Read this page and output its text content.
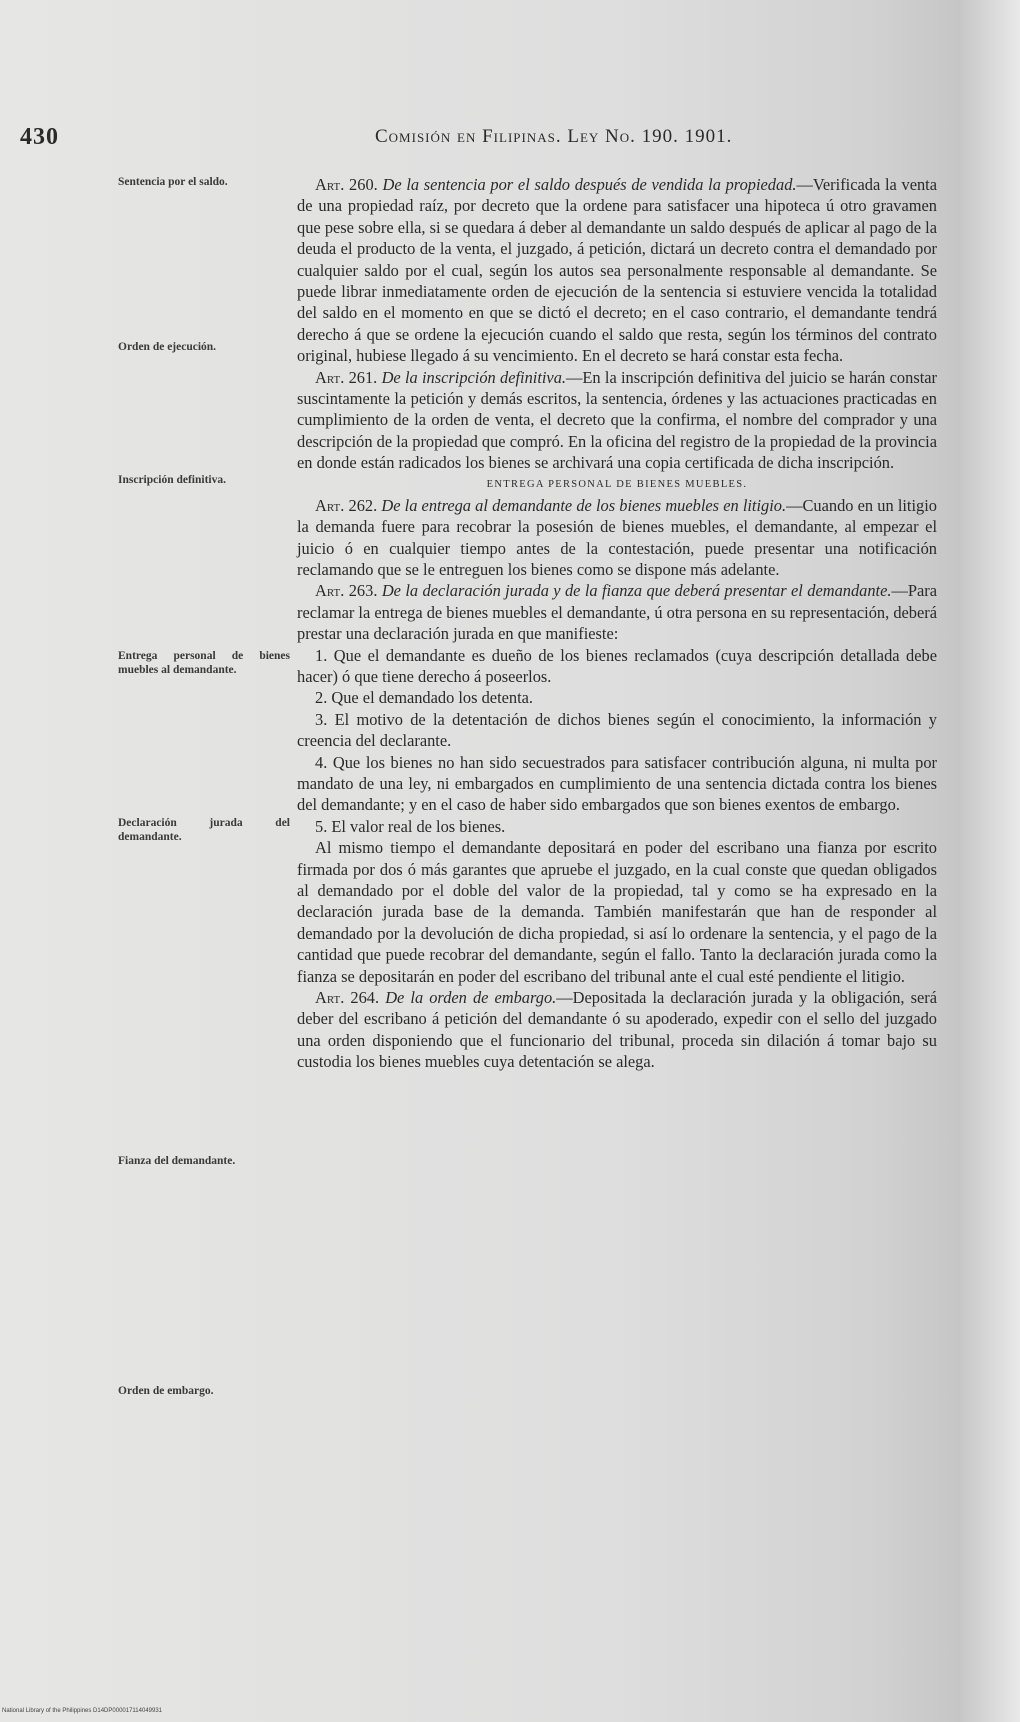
430	Comisión en Filipinas. Ley No. 190. 1901.
Sentencia por el saldo.
Orden de ejecución.
Inscripción definitiva.
Entrega personal de bienes muebles al demandante.
Declaración jurada del demandante.
Fianza del demandante.
Orden de embargo.

Art. 260. De la sentencia por el saldo después de vendida la propiedad.—Verificada la venta de una propiedad raíz, por decreto que la ordene para satisfacer una hipoteca ú otro gravamen que pese sobre ella, si se quedara á deber al demandante un saldo después de aplicar al pago de la deuda el producto de la venta, el juzgado, á petición, dictará un decreto contra el demandado por cualquier saldo por el cual, según los autos sea personalmente responsable al demandante. Se puede librar inmediatamente orden de ejecución de la sentencia si estuviere vencida la totalidad del saldo en el momento en que se dictó el decreto; en el caso contrario, el demandante tendrá derecho á que se ordene la ejecución cuando el saldo que resta, según los términos del contrato original, hubiese llegado á su vencimiento. En el decreto se hará constar esta fecha.

Art. 261. De la inscripción definitiva.—En la inscripción definitiva del juicio se harán constar suscintamente la petición y demás escritos, la sentencia, órdenes y las actuaciones practicadas en cumplimiento de la orden de venta, el decreto que la confirma, el nombre del comprador y una descripción de la propiedad que compró. En la oficina del registro de la propiedad de la provincia en donde están radicados los bienes se archivará una copia certificada de dicha inscripción.

ENTREGA PERSONAL DE BIENES MUEBLES.

Art. 262. De la entrega al demandante de los bienes muebles en litigio.—Cuando en un litigio la demanda fuere para recobrar la posesión de bienes muebles, el demandante, al empezar el juicio ó en cualquier tiempo antes de la contestación, puede presentar una notificación reclamando que se le entreguen los bienes como se dispone más adelante.

Art. 263. De la declaración jurada y de la fianza que deberá presentar el demandante.—Para reclamar la entrega de bienes muebles el demandante, ú otra persona en su representación, deberá prestar una declaración jurada en que manifieste:

1. Que el demandante es dueño de los bienes reclamados (cuya descripción detallada debe hacer) ó que tiene derecho á poseerlos.

2. Que el demandado los detenta.

3. El motivo de la detentación de dichos bienes según el conocimiento, la información y creencia del declarante.

4. Que los bienes no han sido secuestrados para satisfacer contribución alguna, ni multa por mandato de una ley, ni embargados en cumplimiento de una sentencia dictada contra los bienes del demandante; y en el caso de haber sido embargados que son bienes exentos de embargo.

5. El valor real de los bienes.

Al mismo tiempo el demandante depositará en poder del escribano una fianza por escrito firmada por dos ó más garantes que apruebe el juzgado, en la cual conste que quedan obligados al demandado por el doble del valor de la propiedad, tal y como se ha expresado en la declaración jurada base de la demanda. También manifestarán que han de responder al demandado por la devolución de dicha propiedad, si así lo ordenare la sentencia, y el pago de la cantidad que puede recobrar del demandante, según el fallo. Tanto la declaración jurada como la fianza se depositarán en poder del escribano del tribunal ante el cual esté pendiente el litigio.

Art. 264. De la orden de embargo.—Depositada la declaración jurada y la obligación, será deber del escribano á petición del demandante ó su apoderado, expedir con el sello del juzgado una orden disponiendo que el funcionario del tribunal, proceda sin dilación á tomar bajo su custodia los bienes muebles cuya detentación se alega.

National Library of the Philippines D14DP000017114049931
